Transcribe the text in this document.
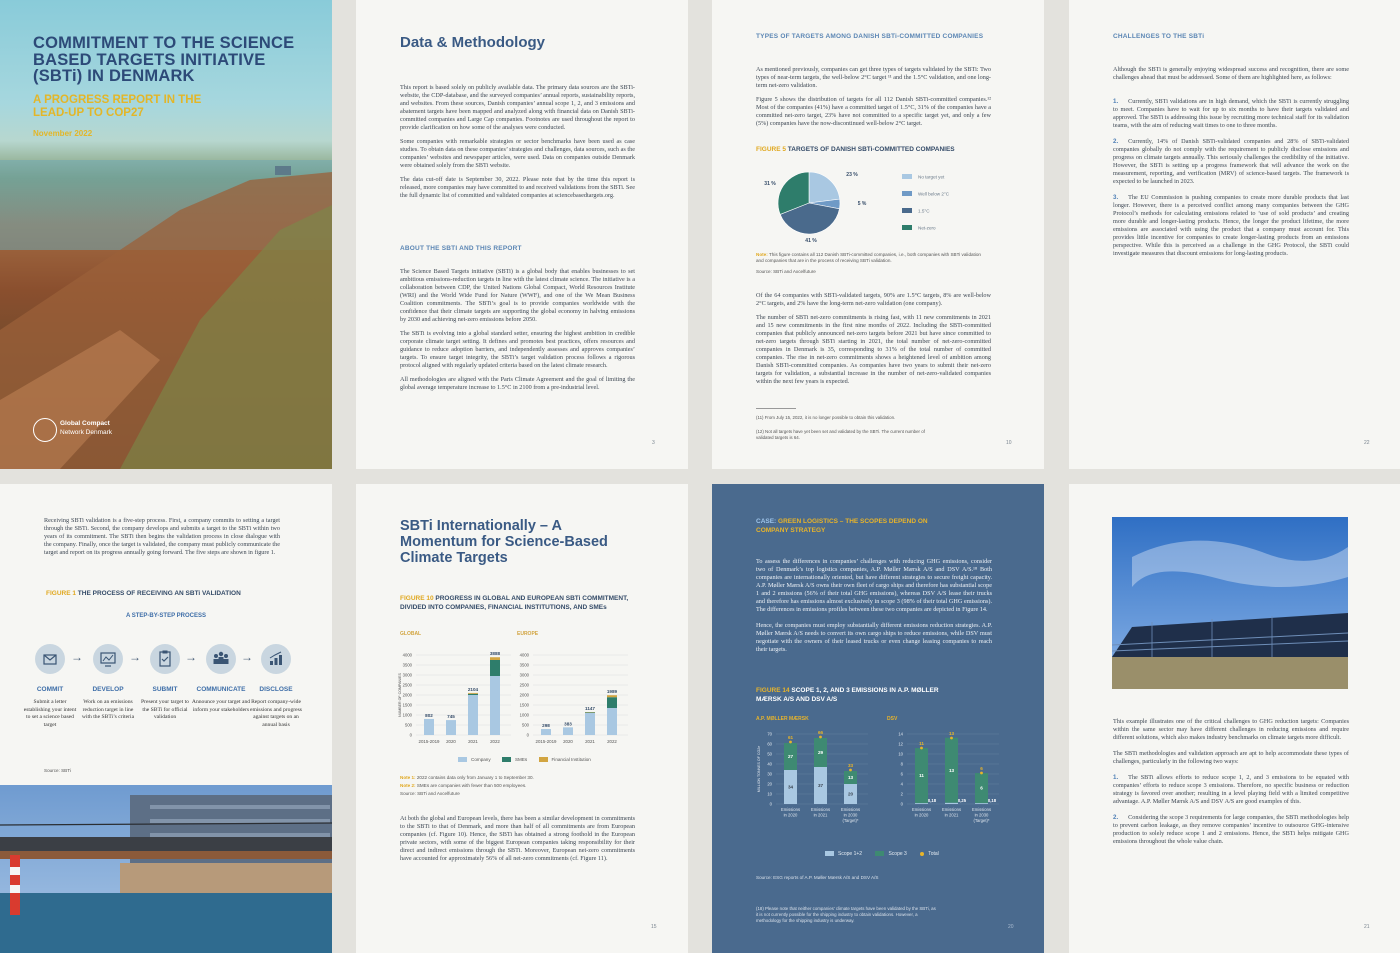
COMMITMENT TO THE SCIENCE BASED TARGETS INITIATIVE (SBTi) IN DENMARK
A PROGRESS REPORT IN THE LEAD-UP TO COP27
November 2022
Global Compact
Network Denmark
Data & Methodology

This report is based solely on publicly available data. The primary data sources are the SBTi-website, the CDP-database, and the surveyed companies’ annual reports, sustainability reports, and websites. From these sources, Danish companies’ annual scope 1, 2, and 3 emissions and abatement targets have been mapped and analyzed along with financial data on Danish SBTi-committed companies and Large Cap companies. Footnotes are used throughout the report to provide clarification on how some of the analyses were conducted.

Some companies with remarkable strategies or sector benchmarks have been used as case studies. To obtain data on these companies’ strategies and challenges, data sources, such as the companies’ websites and newspaper articles, were used. Data on companies outside Denmark were obtained solely from the SBTi website.

The data cut-off date is September 30, 2022. Please note that by the time this report is released, more companies may have committed to and received validations from the SBTi. See the full dynamic list of committed and validated companies at sciencebasedtargets.org.

ABOUT THE SBTI AND THIS REPORT

The Science Based Targets initiative (SBTi) is a global body that enables businesses to set ambitious emissions-reduction targets in line with the latest climate science. The initiative is a collaboration between CDP, the United Nations Global Compact, World Resources Institute (WRI) and the World Wide Fund for Nature (WWF), and one of the We Mean Business Coalition commitments. The SBTi’s goal is to provide companies worldwide with the confidence that their climate targets are supporting the global economy in halving emissions by 2030 and achieving net-zero emissions before 2050.

The SBTi is evolving into a global standard setter, ensuring the highest ambition in credible corporate climate target setting. It defines and promotes best practices, offers resources and guidance to reduce adoption barriers, and independently assesses and approves companies’ targets. To ensure target integrity, the SBTi’s target validation process follows a rigorous protocol aligned with regularly updated criteria based on the latest climate research.

All methodologies are aligned with the Paris Climate Agreement and the goal of limiting the global average temperature increase to 1.5°C in 2100 from a pre-industrial level.

3
TYPES OF TARGETS AMONG DANISH SBTi-COMMITTED COMPANIES

As mentioned previously, companies can get three types of targets validated by the SBTi: Two types of near-term targets, the well-below 2°C target ¹¹ and the 1.5°C validation, and one long-term net-zero validation.

Figure 5 shows the distribution of targets for all 112 Danish SBTi-committed companies.¹² Most of the companies (41%) have a committed target of 1.5°C, 31% of the companies have a committed net-zero target, 23% have not committed to a specific target yet, and only a few (5%) companies have the now-discontinued well-below 2°C target.

FIGURE 5 TARGETS OF DANISH SBTi-COMMITTED COMPANIES
23 %
5 %
41 %
31 %
No target yet
Well below 2°C
1.5°C
Net-zero
Note: This figure contains all 112 Danish SBTi-committed companies, i.e., both companies with SBTi validation and companies that are in the process of receiving SBTi validation.
Source: SBTi and Axcelfuture

Of the 64 companies with SBTi-validated targets, 90% are 1.5°C targets, 8% are well-below 2°C targets, and 2% have the long-term net-zero validation (one company).

The number of SBTi net-zero commitments is rising fast, with 11 new commitments in 2021 and 15 new commitments in the first nine months of 2022. Including the SBTi-committed companies that publicly announced net-zero targets before 2021 but have since committed to net-zero targets through SBTi starting in 2021, the total number of net-zero-committed companies in Denmark is 35, corresponding to 31% of the total number of committed companies. The rise in net-zero commitments shows a heightened level of ambition among Danish SBTi-committed companies. As companies have two years to submit their net-zero targets for validation, a substantial increase in the number of net-zero-validated companies within the next few years is expected.

(11) From July 15, 2022, it is no longer possible to obtain this validation.
(12) Not all targets have yet been set and validated by the SBTi. The current number of validated targets is 64.
10
CHALLENGES TO THE SBTi
Although the SBTi is generally enjoying widespread success and recognition, there are some challenges ahead that must be addressed. Some of them are highlighted here, as follows:
1. Currently, SBTi validations are in high demand, which the SBTi is currently struggling to meet. Companies have to wait for up to six months to have their targets validated and approved. The SBTi is addressing this issue by recruiting more technical staff for its validation teams, with the aim of reducing wait times to one to three months.
2. Currently, 14% of Danish SBTi-validated companies and 28% of SBTi-validated companies globally do not comply with the requirement to publicly disclose emissions and progress on climate targets annually. This seriously challenges the credibility of the initiative. However, the SBTi is setting up a progress framework that will advance the work on the measurement, reporting, and verification (MRV) of science-based targets. The framework is expected to be launched in 2023.
3. The EU Commission is pushing companies to create more durable products that last longer. However, there is a perceived conflict among many companies between the GHG Protocol’s methods for calculating emissions related to ‘use of sold products’ and creating more durable and longer-lasting products. Hence, the longer the product lifetime, the more emissions are associated with using the product that a company must account for. This provides little incentive for companies to create longer-lasting products from an emissions perspective. While this is perceived as a challenge in the GHG Protocol, the SBTi could investigate measures that discount emissions for long-lasting products.
22
Receiving SBTi validation is a five-step process. First, a company commits to setting a target through the SBTi. Second, the company develops and submits a target to the SBTi within two years of its commitment. The SBTi then begins the validation process in close dialogue with the company. Finally, once the target is validated, the company must publicly communicate the target and report on its progress annually going forward. The five steps are shown in figure 1.
FIGURE 1 THE PROCESS OF RECEIVING AN SBTi VALIDATION
A STEP-BY-STEP PROCESS
COMMIT
Submit a letter establishing your intent to set a science based target
→
DEVELOP
Work on an emissions reduction target in line with the SBTi’s criteria
→
SUBMIT
Present your target to the SBTi for official validation
→
COMMUNICATE
Announce your target and inform your stakeholders
→
DISCLOSE
Report company-wide emissions and progress against targets on an annual basis
Source: SBTi
SBTi Internationally – A Momentum for Science-Based Climate Targets
FIGURE 10 PROGRESS IN GLOBAL AND EUROPEAN SBTi COMMITMENT, DIVIDED INTO COMPANIES, FINANCIAL INSTITUTIONS, AND SMEs
GLOBAL
0
500
1000
1500
2000
2500
3000
3500
4000
NUMBER OF COMPANIES	802
2015-2019
745
2020
2104
2021
3888
2022
EUROPE
0
500
1000
1500
2000
2500
3000
3500
4000
298
2015-2019
383
2020
1147
2021
1989
2022
Company	SMEs	Financial Institution
Note 1: 2022 contains data only from January 1 to September 30.
Note 2: SMEs are companies with fewer than 500 employees.
Source: SBTi and Axcelfuture
At both the global and European levels, there has been a similar development in commitments to the SBTi to that of Denmark, and more than half of all commitments are from European companies (cf. Figure 10). Hence, the SBTi has obtained a strong foothold in the European private sectors, with some of the biggest European companies taking responsibility for their direct and indirect emissions through the SBTi. Moreover, European net-zero commitments have accounted for approximately 56% of all net-zero commitments (cf. Figure 11).
15
CASE: GREEN LOGISTICS – THE SCOPES DEPEND ON COMPANY STRATEGY

To assess the differences in companies’ challenges with reducing GHG emissions, consider two of Denmark’s top logistics companies, A.P. Møller Mærsk A/S and DSV A/S.¹⁸ Both companies are internationally oriented, but have different strategies to secure freight capacity. A.P. Møller Mærsk A/S owns their own fleet of cargo ships and therefore has substantial scope 1 and 2 emissions (56% of their total GHG emissions), whereas DSV A/S lease their trucks and therefore has emissions almost exclusively in scope 3 (98% of their total GHG emissions). The differences in emissions profiles between these two companies are depicted in Figure 14.

Hence, the companies must employ substantially different emissions reduction strategies. A.P. Møller Mærsk A/S needs to convert its own cargo ships to reduce emissions, while DSV must negotiate with the owners of their leased trucks or even change leasing companies to reach their targets.

FIGURE 14 SCOPE 1, 2, AND 3 EMISSIONS IN A.P. MØLLER MÆRSK A/S AND DSV A/S
A.P. MØLLER MÆRSK
0
10
20
30
40
50
60
70
MILLION TONNES OF CO2e
61
27
34
Emissions
in 2020
66
29
37
Emissions
in 2021
33
13
20
Emissions
in 2030
(Target)*
DSV
0
2
4
6
8
10
12
14
11
11
0,18
Emissions
in 2020
13
13
0,25
Emissions
in 2021
6
6
0,18
Emissions
in 2030
(Target)*
Scope 1+2	Scope 3	Total
Source: ESG reports of A.P. Møller Mærsk A/S and DSV A/S
(18) Please note that neither companies’ climate targets have been validated by the SBTi, as it is not currently possible for the shipping industry to obtain validations. However, a methodology for the shipping industry is underway.
20
This example illustrates one of the critical challenges to GHG reduction targets: Companies within the same sector may have different challenges in reducing emissions and require different solutions, which also makes industry benchmarks on climate targets more difficult.
The SBTi methodologies and validation approach are apt to help accommodate these types of challenges, particularly in the following two ways:
1. The SBTi allows efforts to reduce scope 1, 2, and 3 emissions to be equated with companies’ efforts to reduce scope 3 emissions. Therefore, no specific business or reduction strategy is favored over another; resulting in a level playing field with a limited competitive advantage. A.P. Møller Mærsk A/S and DSV A/S are good examples of this.
2. Considering the scope 3 requirements for large companies, the SBTi methodologies help to prevent carbon leakage, as they remove companies’ incentive to outsource GHG-intensive production to solely reduce scope 1 and 2 emissions. Hence, the SBTi helps mitigate GHG emissions throughout the whole value chain.
21
